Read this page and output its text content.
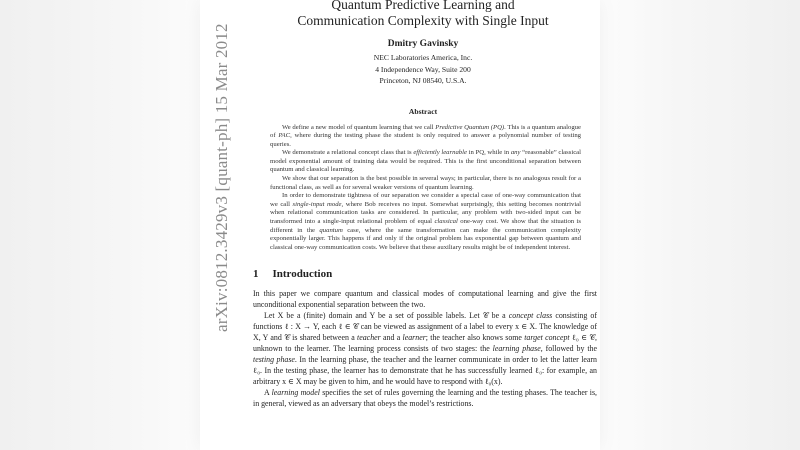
arXiv:0812.3429v3 [quant-ph] 15 Mar 2012
Quantum Predictive Learning and
Communication Complexity with Single Input
Dmitry Gavinsky
NEC Laboratories America, Inc.
4 Independence Way, Suite 200
Princeton, NJ 08540, U.S.A.
Abstract

We define a new model of quantum learning that we call Predictive Quantum (PQ). This is a quantum analogue of PAC, where during the testing phase the student is only required to answer a polynomial number of testing queries.

We demonstrate a relational concept class that is efficiently learnable in PQ, while in any “reasonable” classical model exponential amount of training data would be required. This is the first unconditional separation between quantum and classical learning.

We show that our separation is the best possible in several ways; in particular, there is no analogous result for a functional class, as well as for several weaker versions of quantum learning.

In order to demonstrate tightness of our separation we consider a special case of one-way communication that we call single-input mode, where Bob receives no input. Somewhat surprisingly, this setting becomes nontrivial when relational communication tasks are considered. In particular, any problem with two-sided input can be transformed into a single-input relational problem of equal classical one-way cost. We show that the situation is different in the quantum case, where the same transformation can make the communication complexity exponentially larger. This happens if and only if the original problem has exponential gap between quantum and classical one-way communication costs. We believe that these auxiliary results might be of independent interest.

1 Introduction

In this paper we compare quantum and classical modes of computational learning and give the first unconditional exponential separation between the two.

Let X be a (finite) domain and Y be a set of possible labels. Let 𝒞 be a concept class consisting of functions ℓ : X → Y, each ℓ ∈ 𝒞 can be viewed as assignment of a label to every x ∈ X. The knowledge of X, Y and 𝒞 is shared between a teacher and a learner; the teacher also knows some target concept ℓ₀ ∈ 𝒞, unknown to the learner. The learning process consists of two stages: the learning phase, followed by the testing phase. In the learning phase, the teacher and the learner communicate in order to let the latter learn ℓ₀. In the testing phase, the learner has to demonstrate that he has successfully learned ℓ₀: for example, an arbitrary x ∈ X may be given to him, and he would have to respond with ℓ₀(x).

A learning model specifies the set of rules governing the learning and the testing phases. The teacher is, in general, viewed as an adversary that obeys the model’s restrictions.
